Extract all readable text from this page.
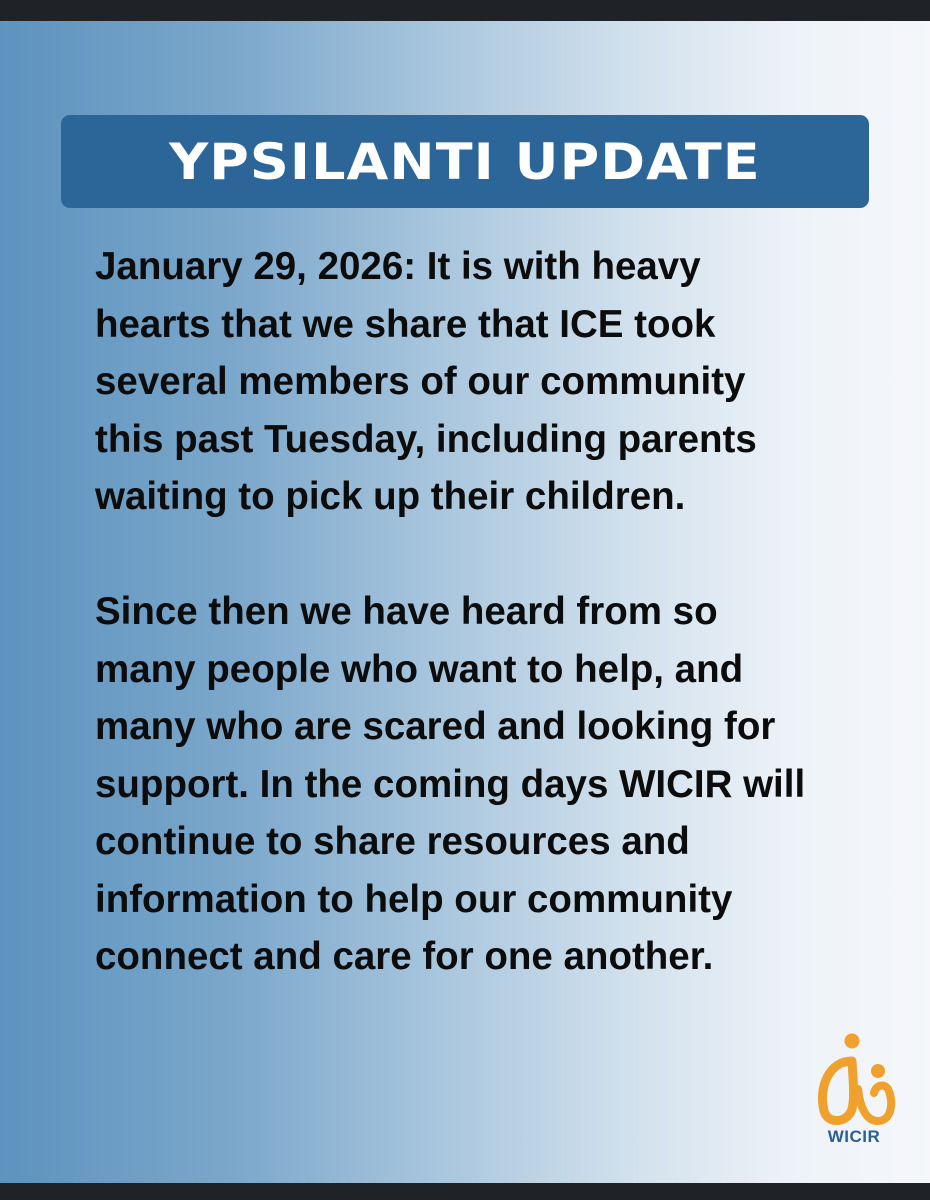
YPSILANTI UPDATE
January 29, 2026: It is with heavy
hearts that we share that ICE took
several members of our community
this past Tuesday, including parents
waiting to pick up their children.
Since then we have heard from so
many people who want to help, and
many who are scared and looking for
support. In the coming days WICIR will
continue to share resources and
information to help our community
connect and care for one another.
WICIR
